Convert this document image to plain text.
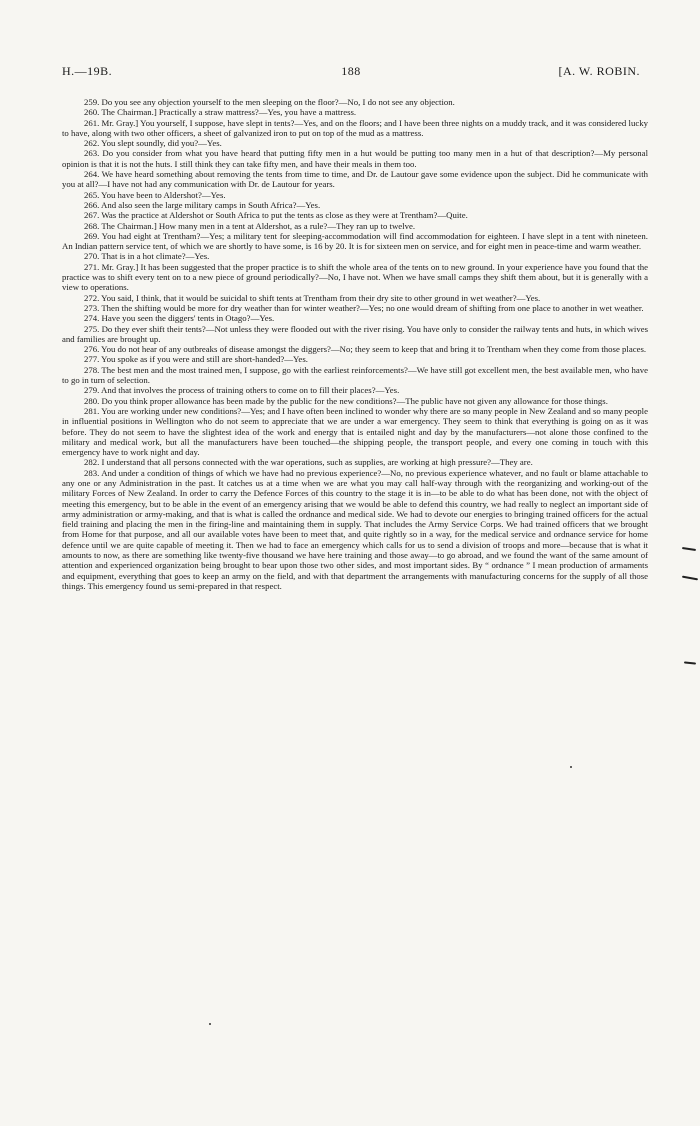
H.—19B.	188	[A. W. ROBIN.

259. Do you see any objection yourself to the men sleeping on the floor?—No, I do not see any objection.

260. The Chairman.] Practically a straw mattress?—Yes, you have a mattress.

261. Mr. Gray.] You yourself, I suppose, have slept in tents?—Yes, and on the floors; and I have been three nights on a muddy track, and it was considered lucky to have, along with two other officers, a sheet of galvanized iron to put on top of the mud as a mattress.

262. You slept soundly, did you?—Yes.

263. Do you consider from what you have heard that putting fifty men in a hut would be putting too many men in a hut of that description?—My personal opinion is that it is not the huts. I still think they can take fifty men, and have their meals in them too.

264. We have heard something about removing the tents from time to time, and Dr. de Lautour gave some evidence upon the subject. Did he communicate with you at all?—I have not had any communication with Dr. de Lautour for years.

265. You have been to Aldershot?—Yes.

266. And also seen the large military camps in South Africa?—Yes.

267. Was the practice at Aldershot or South Africa to put the tents as close as they were at Trentham?—Quite.

268. The Chairman.] How many men in a tent at Aldershot, as a rule?—They ran up to twelve.

269. You had eight at Trentham?—Yes; a military tent for sleeping-accommodation will find accommodation for eighteen. I have slept in a tent with nineteen. An Indian pattern service tent, of which we are shortly to have some, is 16 by 20. It is for sixteen men on service, and for eight men in peace-time and warm weather.

270. That is in a hot climate?—Yes.

271. Mr. Gray.] It has been suggested that the proper practice is to shift the whole area of the tents on to new ground. In your experience have you found that the practice was to shift every tent on to a new piece of ground periodically?—No, I have not. When we have small camps they shift them about, but it is generally with a view to operations.

272. You said, I think, that it would be suicidal to shift tents at Trentham from their dry site to other ground in wet weather?—Yes.

273. Then the shifting would be more for dry weather than for winter weather?—Yes; no one would dream of shifting from one place to another in wet weather.

274. Have you seen the diggers' tents in Otago?—Yes.

275. Do they ever shift their tents?—Not unless they were flooded out with the river rising. You have only to consider the railway tents and huts, in which wives and families are brought up.

276. You do not hear of any outbreaks of disease amongst the diggers?—No; they seem to keep that and bring it to Trentham when they come from those places.

277. You spoke as if you were and still are short-handed?—Yes.

278. The best men and the most trained men, I suppose, go with the earliest reinforcements?—We have still got excellent men, the best available men, who have to go in turn of selection.

279. And that involves the process of training others to come on to fill their places?—Yes.

280. Do you think proper allowance has been made by the public for the new conditions?—The public have not given any allowance for those things.

281. You are working under new conditions?—Yes; and I have often been inclined to wonder why there are so many people in New Zealand and so many people in influential positions in Wellington who do not seem to appreciate that we are under a war emergency. They seem to think that everything is going on as it was before. They do not seem to have the slightest idea of the work and energy that is entailed night and day by the manufacturers—not alone those confined to the military and medical work, but all the manufacturers have been touched—the shipping people, the transport people, and every one coming in touch with this emergency have to work night and day.

282. I understand that all persons connected with the war operations, such as supplies, are working at high pressure?—They are.

283. And under a condition of things of which we have had no previous experience?—No, no previous experience whatever, and no fault or blame attachable to any one or any Administration in the past. It catches us at a time when we are what you may call half-way through with the reorganizing and working-out of the military Forces of New Zealand. In order to carry the Defence Forces of this country to the stage it is in—to be able to do what has been done, not with the object of meeting this emergency, but to be able in the event of an emergency arising that we would be able to defend this country, we had really to neglect an important side of army administration or army-making, and that is what is called the ordnance and medical side. We had to devote our energies to bringing trained officers for the actual field training and placing the men in the firing-line and maintaining them in supply. That includes the Army Service Corps. We had trained officers that we brought from Home for that purpose, and all our available votes have been to meet that, and quite rightly so in a way, for the medical service and ordnance service for home defence until we are quite capable of meeting it. Then we had to face an emergency which calls for us to send a division of troops and more—because that is what it amounts to now, as there are something like twenty-five thousand we have here training and those away—to go abroad, and we found the want of the same amount of attention and experienced organization being brought to bear upon those two other sides, and most important sides. By “ ordnance ” I mean production of armaments and equipment, everything that goes to keep an army on the field, and with that department the arrangements with manufacturing concerns for the supply of all those things. This emergency found us semi-prepared in that respect.
